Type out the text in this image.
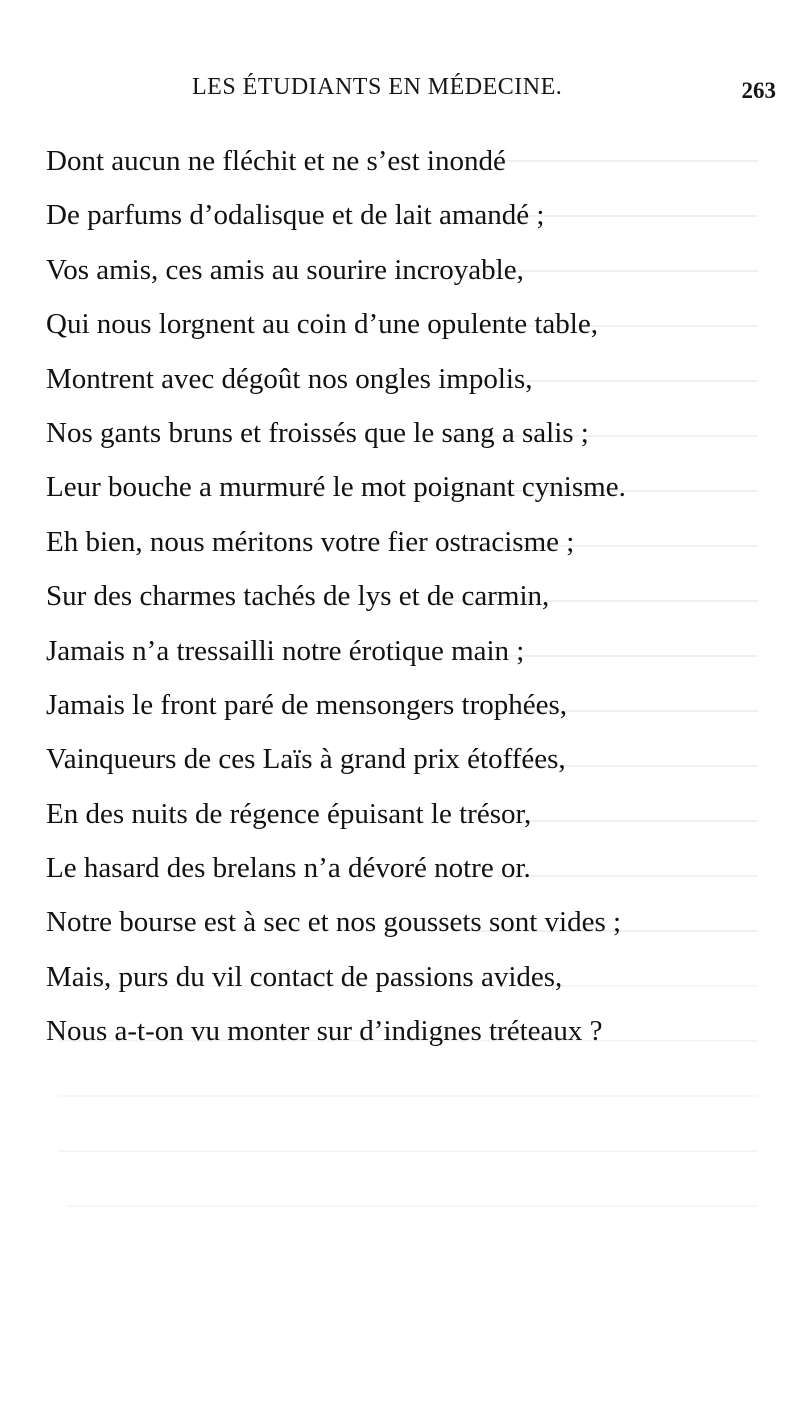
LES ÉTUDIANTS EN MÉDECINE.	263
Dont aucun ne fléchit et ne s’est inondé
De parfums d’odalisque et de lait amandé ;
Vos amis, ces amis au sourire incroyable,
Qui nous lorgnent au coin d’une opulente table,
Montrent avec dégoût nos ongles impolis,
Nos gants bruns et froissés que le sang a salis ;
Leur bouche a murmuré le mot poignant cynisme.
Eh bien, nous méritons votre fier ostracisme ;
Sur des charmes tachés de lys et de carmin,
Jamais n’a tressailli notre érotique main ;
Jamais le front paré de mensongers trophées,
Vainqueurs de ces Laïs à grand prix étoffées,
En des nuits de régence épuisant le trésor,
Le hasard des brelans n’a dévoré notre or.
Notre bourse est à sec et nos goussets sont vides ;
Mais, purs du vil contact de passions avides,
Nous a-t-on vu monter sur d’indignes tréteaux ?
